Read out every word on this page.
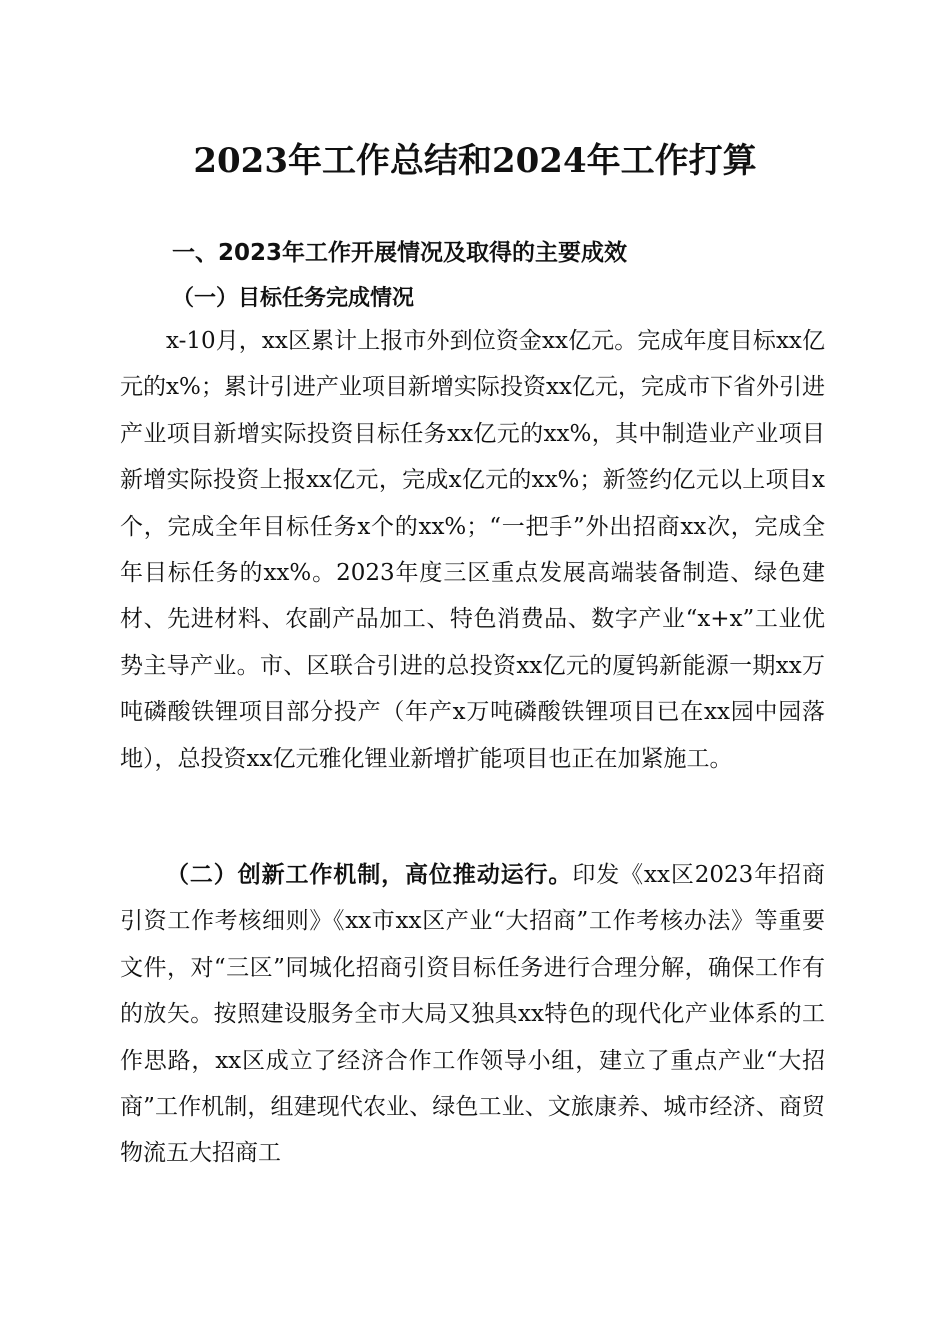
2023年工作总结和2024年工作打算
一、2023年工作开展情况及取得的主要成效
（一）目标任务完成情况

x-10月，xx区累计上报市外到位资金xx亿元。完成年度目标xx亿元的x%；累计引进产业项目新增实际投资xx亿元，完成市下省外引进产业项目新增实际投资目标任务xx亿元的xx%，其中制造业产业项目新增实际投资上报xx亿元，完成x亿元的xx%；新签约亿元以上项目x个，完成全年目标任务x个的xx%；“一把手”外出招商xx次，完成全年目标任务的xx%。2023年度三区重点发展高端装备制造、绿色建材、先进材料、农副产品加工、特色消费品、数字产业“x+x”工业优势主导产业。市、区联合引进的总投资xx亿元的厦钨新能源一期xx万吨磷酸铁锂项目部分投产（年产x万吨磷酸铁锂项目已在xx园中园落地），总投资xx亿元雅化锂业新增扩能项目也正在加紧施工。

（二）创新工作机制，高位推动运行。印发《xx区2023年招商引资工作考核细则》《xx市xx区产业“大招商”工作考核办法》等重要文件，对“三区”同城化招商引资目标任务进行合理分解，确保工作有的放矢。按照建设服务全市大局又独具xx特色的现代化产业体系的工作思路，xx区成立了经济合作工作领导小组，建立了重点产业“大招商”工作机制，组建现代农业、绿色工业、文旅康养、城市经济、商贸物流五大招商工
